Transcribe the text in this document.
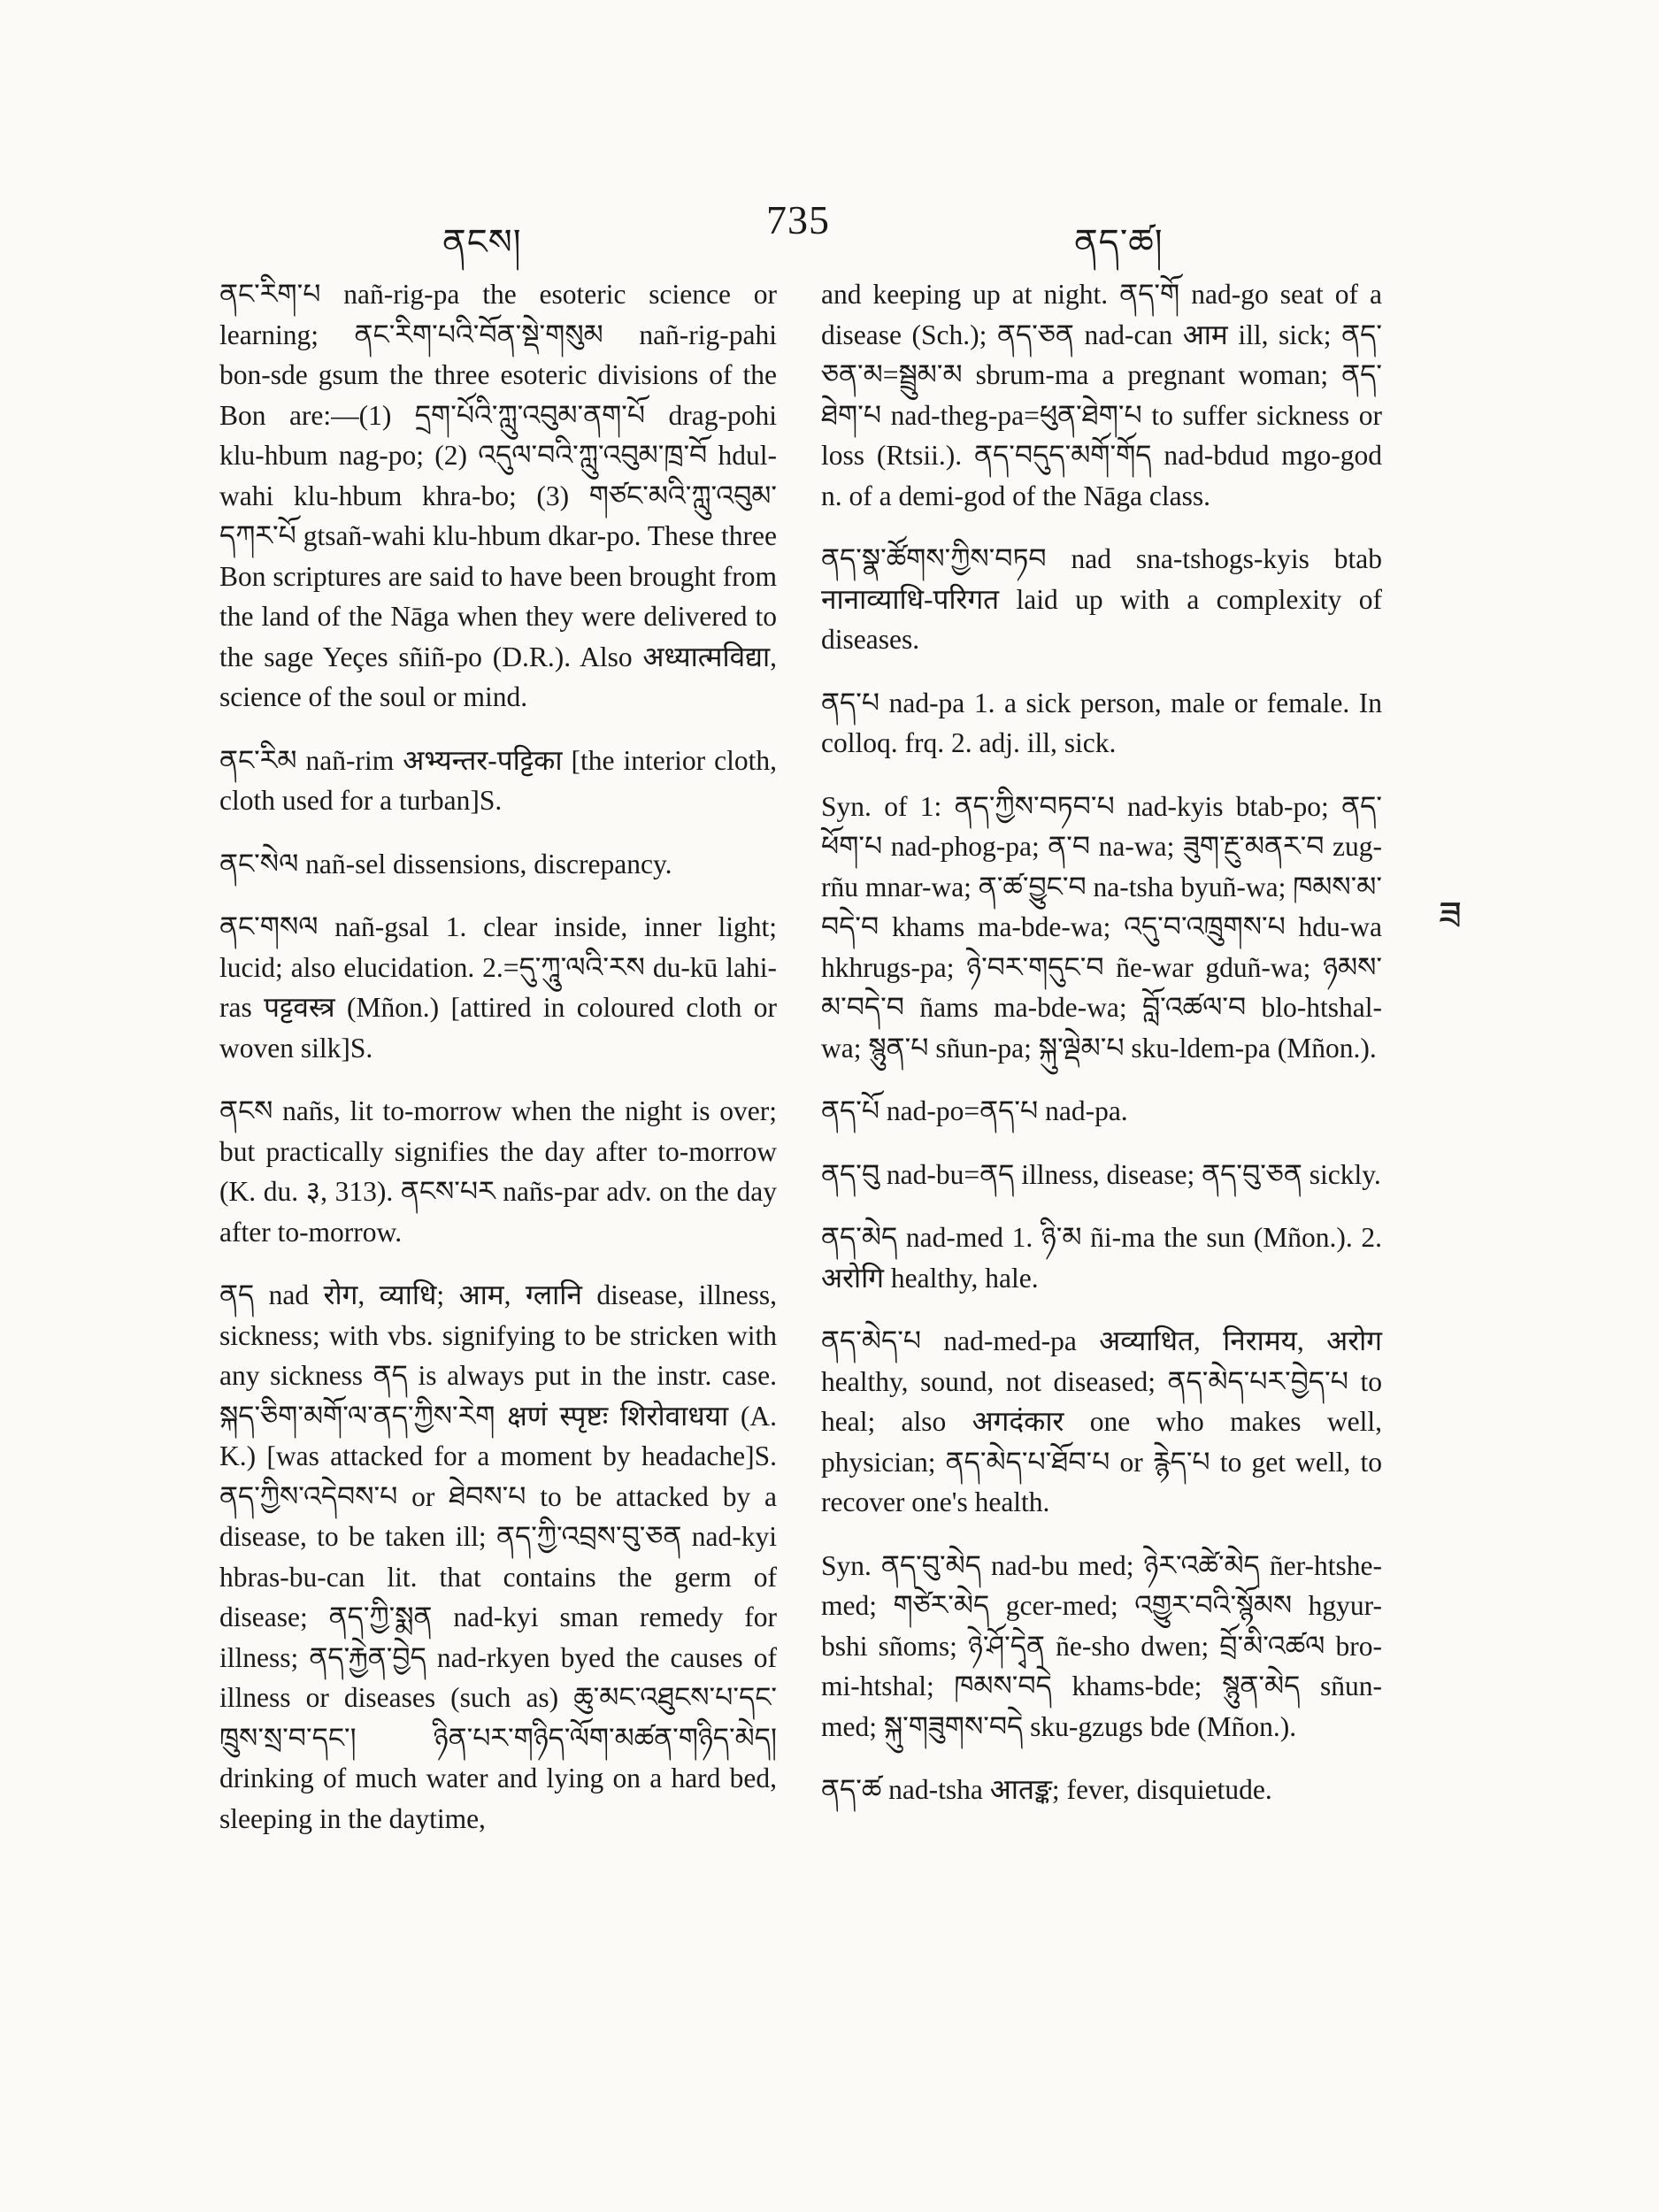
ནངས།	735	ནད་ཚ།
ནང་རིག་པ nañ-rig-pa the esoteric science or learning; ནང་རིག་པའི་བོན་སྡེ་གསུམ nañ-rig-pahi bon-sde gsum the three esoteric divisions of the Bon are:—(1) དྲག་པོའི་ཀླུ་འབུམ་ནག་པོ drag-pohi klu-hbum nag-po; (2) འདུལ་བའི་ཀླུ་འབུམ་ཁྲ་བོ hdul-wahi klu-hbum khra-bo; (3) གཙང་མའི་ཀླུ་འབུམ་དཀར་པོ gtsañ-wahi klu-hbum dkar-po. These three Bon scriptures are said to have been brought from the land of the Nāga when they were delivered to the sage Yeçes sñiñ-po (D.R.). Also अध्यात्मविद्या, science of the soul or mind.
ནང་རིམ nañ-rim अभ्यन्तर-पट्टिका [the interior cloth, cloth used for a turban]S.
ནང་སེལ nañ-sel dissensions, discrepancy.
ནང་གསལ nañ-gsal 1. clear inside, inner light; lucid; also elucidation. 2.=དུ་ཀཱུ་ལའི་རས du-kū lahi-ras पट्टवस्त्र (Mñon.) [attired in coloured cloth or woven silk]S.
ནངས nañs, lit to-morrow when the night is over; but practically signifies the day after to-morrow (K. du. ३, 313). ནངས་པར nañs-par adv. on the day after to-morrow.
ནད nad रोग, व्याधि; आम, ग्लानि disease, illness, sickness; with vbs. signifying to be stricken with any sickness ནད is always put in the instr. case. སྐད་ཅིག་མགོ་ལ་ནད་ཀྱིས་རེག क्षणं स्पृष्टः शिरोवाधया (A. K.) [was attacked for a moment by headache]S. ནད་ཀྱིས་འདེབས་པ or ཐེབས་པ to be attacked by a disease, to be taken ill; ནད་ཀྱི་འབྲས་བུ་ཅན nad-kyi hbras-bu-can lit. that contains the germ of disease; ནད་ཀྱི་སྨན nad-kyi sman remedy for illness; ནད་རྐྱེན་བྱེད nad-rkyen byed the causes of illness or diseases (such as) ཆུ་མང་འཐུངས་པ་དང་ཁྲུས་སྲ་བ་དང་། ཉིན་པར་གཉིད་ལོག་མཚན་གཉིད་མེད། drinking of much water and lying on a hard bed, sleeping in the daytime,
and keeping up at night. ནད་གོ nad-go seat of a disease (Sch.); ནད་ཅན nad-can आम ill, sick; ནད་ཅན་མ=སྦྲུམ་མ sbrum-ma a pregnant woman; ནད་ཐེག་པ nad-theg-pa=ཕུན་ཐེག་པ to suffer sickness or loss (Rtsii.). ནད་བདུད་མགོ་གོད nad-bdud mgo-god n. of a demi-god of the Nāga class.
ནད་སྣ་ཚོགས་ཀྱིས་བཏབ nad sna-tshogs-kyis btab नानाव्याधि-परिगत laid up with a complexity of diseases.
ནད་པ nad-pa 1. a sick person, male or female. In colloq. frq. 2. adj. ill, sick.
Syn. of 1: ནད་ཀྱིས་བཏབ་པ nad-kyis btab-po; ནད་ཕོག་པ nad-phog-pa; ན་བ na-wa; ཟུག་རྔུ་མནར་བ zug-rñu mnar-wa; ན་ཚ་བྱུང་བ na-tsha byuñ-wa; ཁམས་མ་བདེ་བ khams ma-bde-wa; འདུ་བ་འཁྲུགས་པ hdu-wa hkhrugs-pa; ཉེ་བར་གདུང་བ ñe-war gduñ-wa; ཉམས་མ་བདེ་བ ñams ma-bde-wa; བློ་འཚལ་བ blo-htshal-wa; སྙུན་པ sñun-pa; སྐུ་ལྡེམ་པ sku-ldem-pa (Mñon.).
ནད་པོ nad-po=ནད་པ nad-pa.
ནད་བུ nad-bu=ནད illness, disease; ནད་བུ་ཅན sickly.
ནད་མེད nad-med 1. ཉི་མ ñi-ma the sun (Mñon.). 2. अरोगि healthy, hale.
ནད་མེད་པ nad-med-pa अव्याधित, निरामय, अरोग healthy, sound, not diseased; ནད་མེད་པར་བྱེད་པ to heal; also अगदंकार one who makes well, physician; ནད་མེད་པ་ཐོབ་པ or རྙེད་པ to get well, to recover one's health.
Syn. ནད་བུ་མེད nad-bu med; ཉེར་འཚེ་མེད ñer-htshe-med; གཙེར་མེད gcer-med; འགྱུར་བའི་སྙོམས hgyur-bshi sñoms; ཉེ་ཤོ་དྭེན ñe-sho dwen; བྲོ་མི་འཚལ bro-mi-htshal; ཁམས་བདེ khams-bde; སྙུན་མེད sñun-med; སྐུ་གཟུགས་བདེ sku-gzugs bde (Mñon.).
ནད་ཚ nad-tsha आतङ्क; fever, disquietude.
ཟ
